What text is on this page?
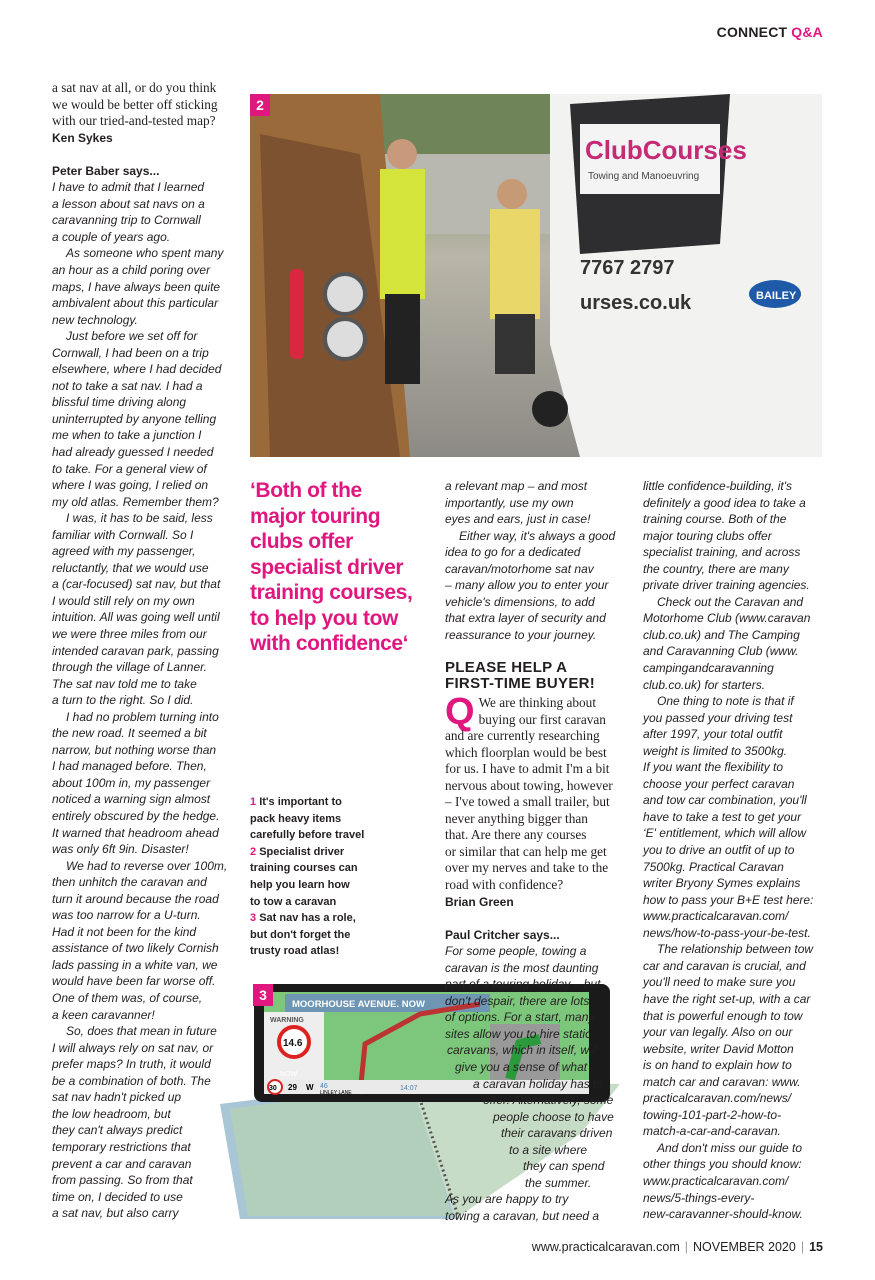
CONNECT Q&A
a sat nav at all, or do you think
we would be better off sticking
with our tried-and-tested map?
Ken Sykes
Peter Baber says...
I have to admit that I learned
a lesson about sat navs on a
caravanning trip to Cornwall
a couple of years ago.
As someone who spent many
an hour as a child poring over
maps, I have always been quite
ambivalent about this particular
new technology.
Just before we set off for
Cornwall, I had been on a trip
elsewhere, where I had decided
not to take a sat nav. I had a
blissful time driving along
uninterrupted by anyone telling
me when to take a junction I
had already guessed I needed
to take. For a general view of
where I was going, I relied on
my old atlas. Remember them?
I was, it has to be said, less
familiar with Cornwall. So I
agreed with my passenger,
reluctantly, that we would use
a (car-focused) sat nav, but that
I would still rely on my own
intuition. All was going well until
we were three miles from our
intended caravan park, passing
through the village of Lanner.
The sat nav told me to take
a turn to the right. So I did.
I had no problem turning into
the new road. It seemed a bit
narrow, but nothing worse than
I had managed before. Then,
about 100m in, my passenger
noticed a warning sign almost
entirely obscured by the hedge.
It warned that headroom ahead
was only 6ft 9in. Disaster!
We had to reverse over 100m,
then unhitch the caravan and
turn it around because the road
was too narrow for a U-turn.
Had it not been for the kind
assistance of two likely Cornish
lads passing in a white van, we
would have been far worse off.
One of them was, of course,
a keen caravanner!
So, does that mean in future
I will always rely on sat nav, or
prefer maps? In truth, it would
be a combination of both. The
sat nav hadn't picked up
the low headroom, but
they can't always predict
temporary restrictions that
prevent a car and caravan
from passing. So from that
time on, I decided to use
a sat nav, but also carry
ClubCourses
Towing and Manoeuvring
7767 2797
urses.co.uk	BAILEY
2
‘Both of the
major touring
clubs offer
specialist driver
training courses,
to help you tow
with confidence‘
1 It's important to
pack heavy items
carefully before travel
2 Specialist driver
training courses can
help you learn how
to tow a caravan
3 Sat nav has a role,
but don't forget the
trusty road atlas!
MOORHOUSE AVENUE. NOW
WARNING
14.6
NOW
30 29 W 46
LINLEY LANE
14:07
3
a relevant map – and most
importantly, use my own
eyes and ears, just in case!
Either way, it's always a good
idea to go for a dedicated
caravan/motorhome sat nav
– many allow you to enter your
vehicle's dimensions, to add
that extra layer of security and
reassurance to your journey.
PLEASE HELP A
FIRST-TIME BUYER!
Q We are thinking about
buying our first caravan
and are currently researching
which floorplan would be best
for us. I have to admit I'm a bit
nervous about towing, however
– I've towed a small trailer, but
never anything bigger than
that. Are there any courses
or similar that can help me get
over my nerves and take to the
road with confidence?
Brian Green
Paul Critcher says...
For some people, towing a
caravan is the most daunting
part of a touring holiday – but
don't despair, there are lots
of options. For a start, many
sites allow you to hire static
caravans, which in itself, will
give you a sense of what
a caravan holiday has to
offer. Alternatively, some
people choose to have
their caravans driven
to a site where
they can spend
the summer.
As you are happy to try
towing a caravan, but need a
little confidence-building, it's
definitely a good idea to take a
training course. Both of the
major touring clubs offer
specialist training, and across
the country, there are many
private driver training agencies.
Check out the Caravan and
Motorhome Club (www.caravan
club.co.uk) and The Camping
and Caravanning Club (www.
campingandcaravanning
club.co.uk) for starters.
One thing to note is that if
you passed your driving test
after 1997, your total outfit
weight is limited to 3500kg.
If you want the flexibility to
choose your perfect caravan
and tow car combination, you'll
have to take a test to get your
‘E' entitlement, which will allow
you to drive an outfit of up to
7500kg. Practical Caravan
writer Bryony Symes explains
how to pass your B+E test here:
www.practicalcaravan.com/
news/how-to-pass-your-be-test.
The relationship between tow
car and caravan is crucial, and
you'll need to make sure you
have the right set-up, with a car
that is powerful enough to tow
your van legally. Also on our
website, writer David Motton
is on hand to explain how to
match car and caravan: www.
practicalcaravan.com/news/
towing-101-part-2-how-to-
match-a-car-and-caravan.
And don't miss our guide to
other things you should know:
www.practicalcaravan.com/
news/5-things-every-
new-caravanner-should-know.
www.practicalcaravan.com | NOVEMBER 2020 | 15
